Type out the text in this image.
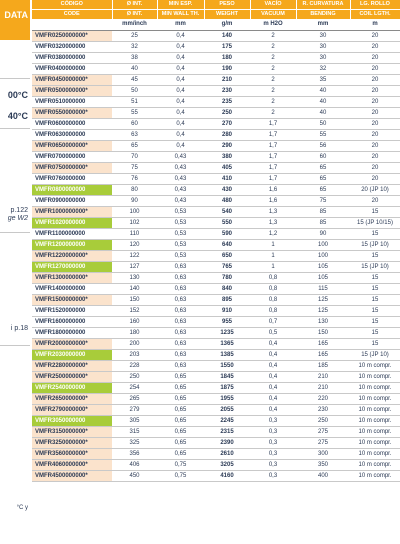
DATA
00°C
40°C
p.122
ge W2
i p.18
°C y
CÓDIGO	Ø INT.	MIN ESP.	PESO	VACÍO	R. CURVATURA	LG. ROLLO
CODE	Ø INT.	MIN WALL TH.	WEIGHT	VACUUM	BENDING	COIL LGTH.
	mm/inch	mm	g/m	m H2O	mm	m
VMFR0250000000*	25	0,4	140	2	30	20
VMFR0320000000	32	0,4	175	2	30	20
VMFR0380000000	38	0,4	180	2	30	20
VMFR0400000000	40	0,4	190	2	32	20
VMFR0450000000*	45	0,4	210	2	35	20
VMFR0500000000*	50	0,4	230	2	40	20
VMFR0510000000	51	0,4	235	2	40	20
VMFR0550000000*	55	0,4	250	2	40	20
VMFR0600000000	60	0,4	270	1,7	50	20
VMFR0630000000	63	0,4	280	1,7	55	20
VMFR0650000000*	65	0,4	290	1,7	56	20
VMFR0700000000	70	0,43	380	1,7	60	20
VMFR0750000000*	75	0,43	405	1,7	65	20
VMFR0760000000	76	0,43	410	1,7	65	20
VMFR0800000000	80	0,43	430	1,6	65	20 (JP 10)
VMFR0900000000	90	0,43	480	1,6	75	20
VMFR1000000000*	100	0,53	540	1,3	85	15
VMFR1020000000	102	0,53	550	1,3	85	15 (JP 10/15)
VMFR1100000000	110	0,53	590	1,2	90	15
VMFR1200000000	120	0,53	640	1	100	15 (JP 10)
VMFR1220000000*	122	0,53	650	1	100	15
VMFR1270000000	127	0,63	765	1	105	15 (JP 10)
VMFR1300000000*	130	0,63	780	0,8	105	15
VMFR1400000000	140	0,63	840	0,8	115	15
VMFR1500000000*	150	0,63	895	0,8	125	15
VMFR1520000000	152	0,63	910	0,8	125	15
VMFR1600000000	160	0,63	955	0,7	130	15
VMFR1800000000	180	0,63	1235	0,5	150	15
VMFR2000000000*	200	0,63	1365	0,4	165	15
VMFR2030000000	203	0,63	1385	0,4	165	15 (JP 10)
VMFR2280000000*	228	0,63	1550	0,4	185	10 m compr.
VMFR2500000000*	250	0,65	1845	0,4	210	10 m compr.
VMFR2540000000	254	0,65	1875	0,4	210	10 m compr.
VMFR2650000000*	265	0,65	1955	0,4	220	10 m compr.
VMFR2790000000*	279	0,65	2055	0,4	230	10 m compr.
VMFR3050000000	305	0,65	2245	0,3	250	10 m compr.
VMFR3150000000*	315	0,65	2315	0,3	275	10 m compr.
VMFR3250000000*	325	0,65	2390	0,3	275	10 m compr.
VMFR3560000000*	356	0,65	2610	0,3	300	10 m compr.
VMFR4060000000*	406	0,75	3205	0,3	350	10 m compr.
VMFR4500000000*	450	0,75	4160	0,3	400	10 m compr.
